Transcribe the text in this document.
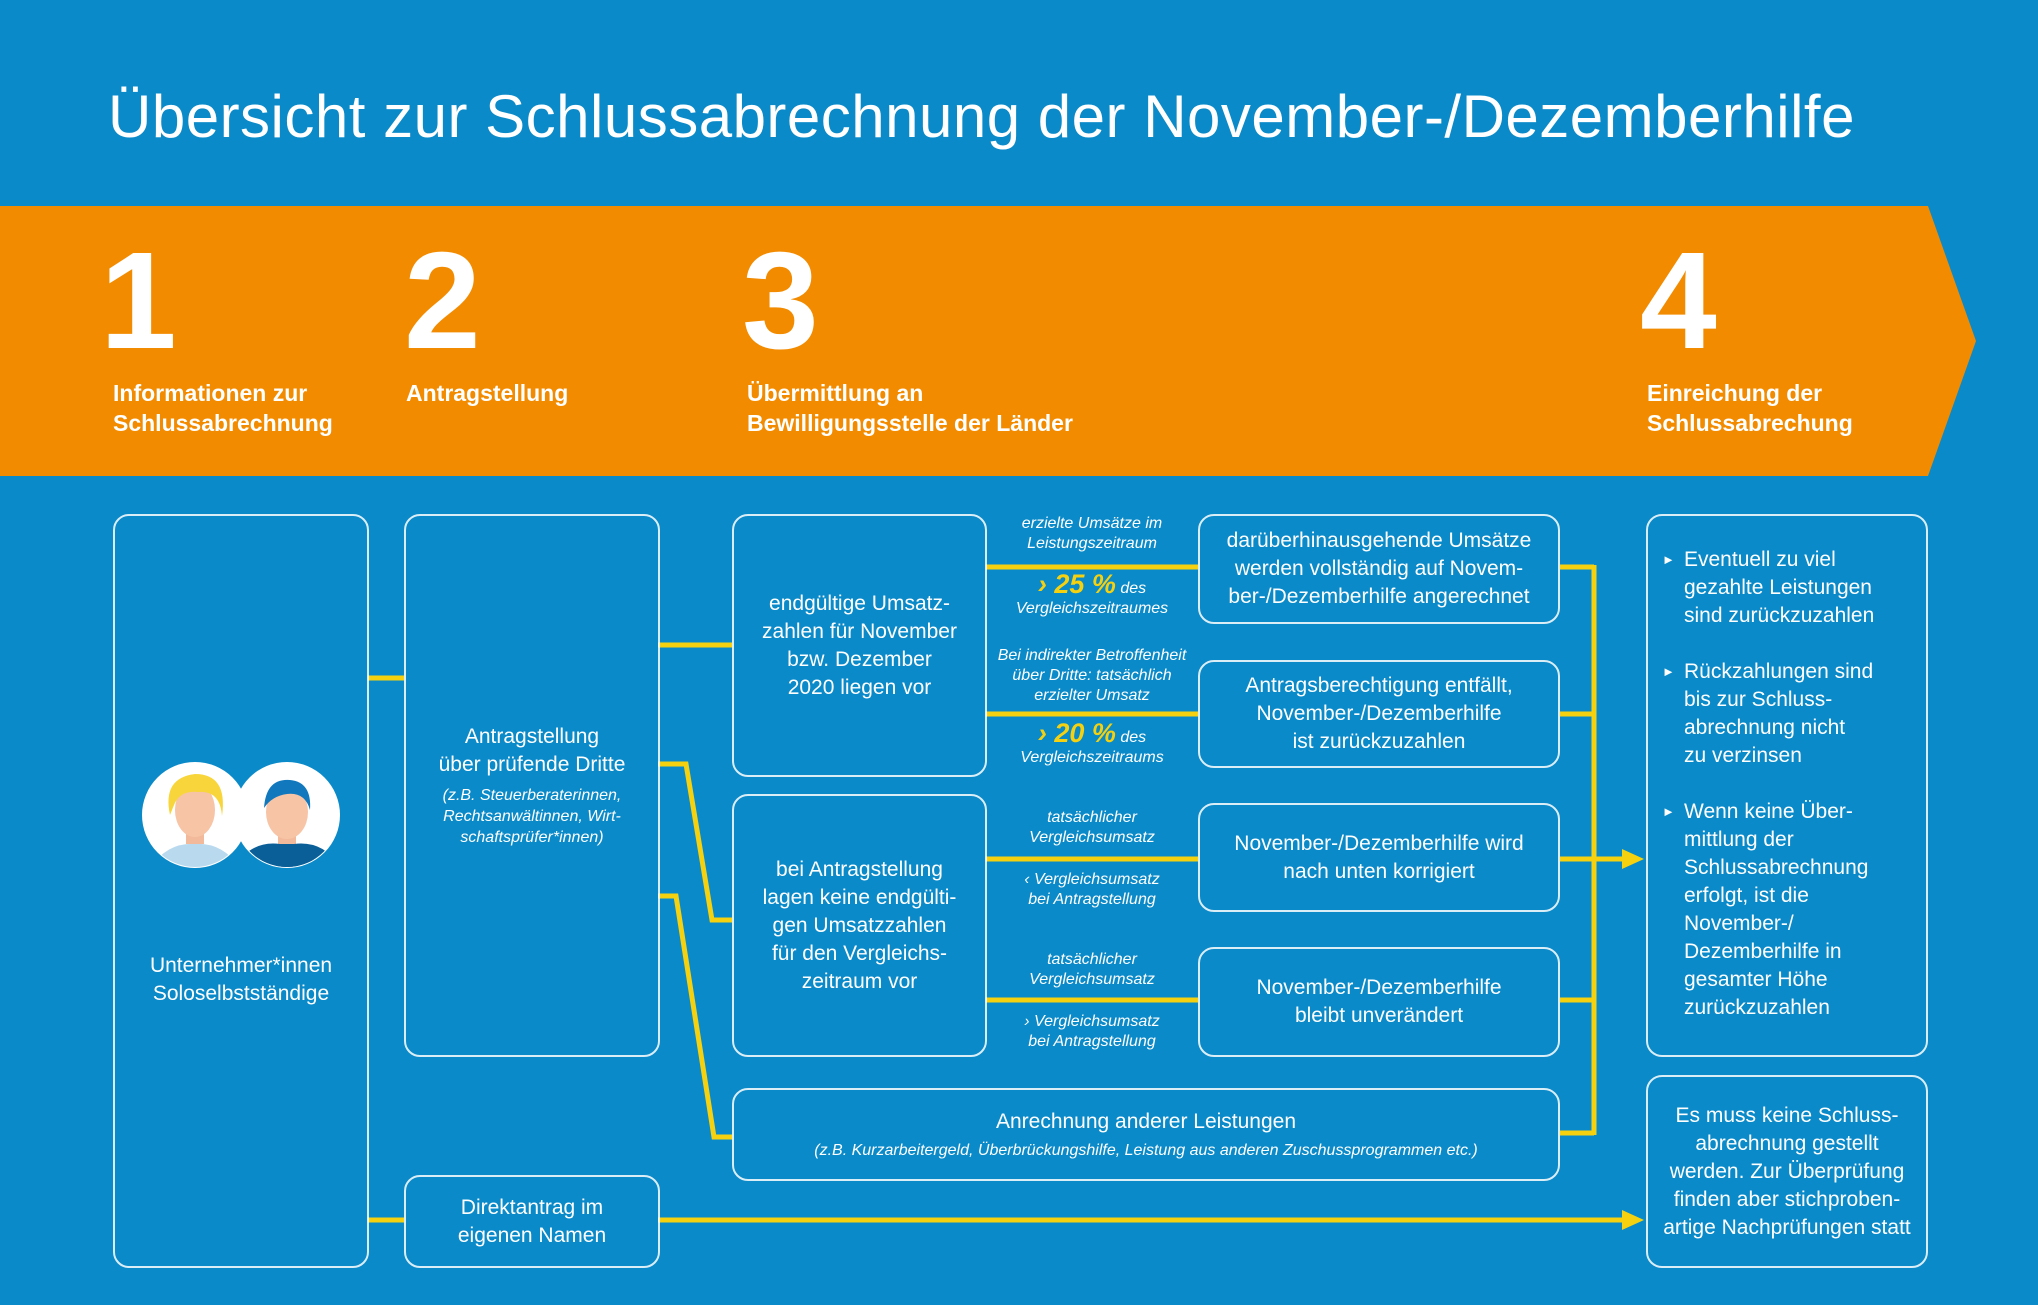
Übersicht zur Schlussabrechnung der November-/Dezemberhilfe
1 2 3	4
Informationen zur
Schlussabrechnung
Antragstellung	Übermittlung an
Bewilligungsstelle der Länder
Einreichung der
Schlussabrechung
Unternehmer*innen
Soloselbstständige
Antragstellung
über prüfende Dritte
(z.B. Steuerberaterinnen,
Rechtsanwältinnen, Wirt-
schaftsprüfer*innen)
Direktantrag im
eigenen Namen
endgültige Umsatz-
zahlen für November
bzw. Dezember
2020 liegen vor
bei Antragstellung
lagen keine endgülti-
gen Umsatzzahlen
für den Vergleichs-
zeitraum vor
Anrechnung anderer Leistungen
(z.B. Kurzarbeitergeld, Überbrückungshilfe, Leistung aus anderen Zuschussprogrammen etc.)
erzielte Umsätze im
Leistungszeitraum
› 25 % des
Vergleichszeitraumes
Bei indirekter Betroffenheit
über Dritte: tatsächlich
erzielter Umsatz
› 20 % des
Vergleichszeitraums
tatsächlicher
Vergleichsumsatz
‹ Vergleichsumsatz
bei Antragstellung
tatsächlicher
Vergleichsumsatz
› Vergleichsumsatz
bei Antragstellung
darüberhinausgehende Umsätze
werden vollständig auf Novem-
ber-/Dezemberhilfe angerechnet
Antragsberechtigung entfällt,
November-/Dezemberhilfe
ist zurückzuzahlen
November-/Dezemberhilfe wird
nach unten korrigiert
November-/Dezemberhilfe
bleibt unverändert
► Eventuell zu viel
gezahlte Leistungen
sind zurückzuzahlen
► Rückzahlungen sind
bis zur Schluss-
abrechnung nicht
zu verzinsen
► Wenn keine Über-
mittlung der
Schlussabrechnung
erfolgt, ist die
November-/
Dezemberhilfe in
gesamter Höhe
zurückzuzahlen
Es muss keine Schluss-
abrechnung gestellt
werden. Zur Überprüfung
finden aber stichproben-
artige Nachprüfungen statt
